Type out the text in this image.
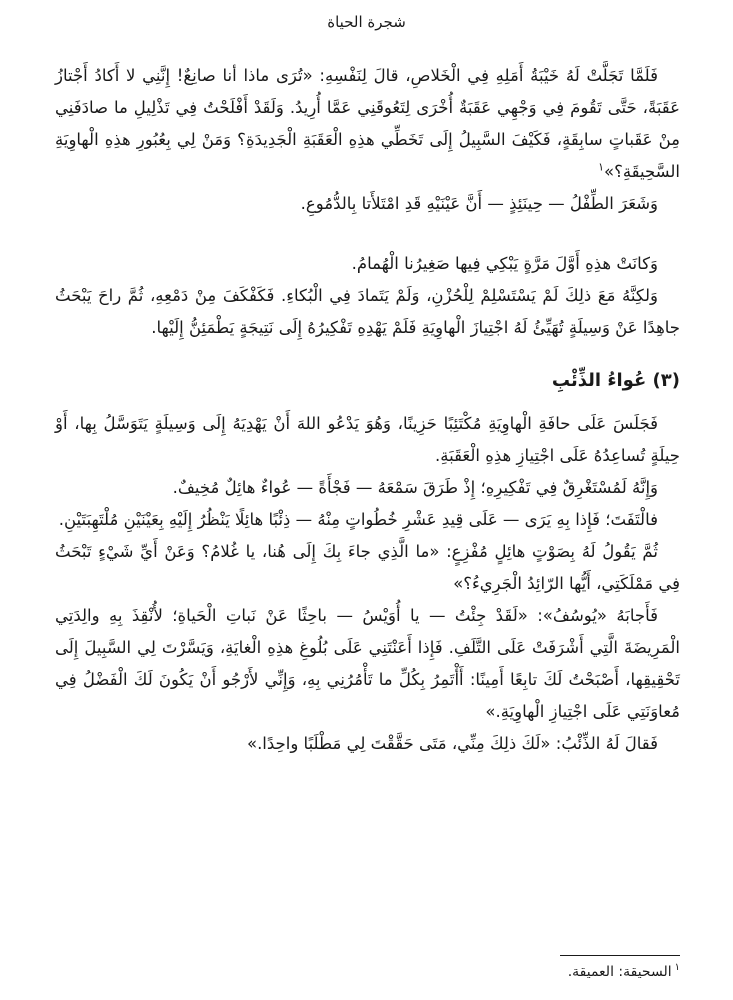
شجرة الحياة

فَلَمَّا تَجَلَّتْ لَهُ خَيْبَةُ أَمَلِهِ فِي الْخَلاصِ، قالَ لِنَفْسِهِ: «تُرَى ماذا أنا صانِعٌ! إِنَّنِي لا أَكادُ أَجْتازُ عَقَبَةً، حَتَّى تَقُومَ فِي وَجْهِي عَقَبَةٌ أُخْرَى لِتَعُوقَنِي عَمَّا أُرِيدُ. وَلَقَدْ أَفْلَحْتُ فِي تَذْلِيلِ ما صادَفَنِي مِنْ عَقَباتٍ سابِقَةٍ، فَكَيْفَ السَّبِيلُ إِلَى تَخَطِّي هذِهِ الْعَقَبَةِ الْجَدِيدَةِ؟ وَمَنْ لِي بِعُبُورِ هذِهِ الْهاوِيَةِ السَّحِيقَةِ؟»$^١$

وَشَعَرَ الطِّفْلُ — حِينَئِذٍ — أَنَّ عَيْنَيْهِ قَدِ امْتَلأَتا بِالدُّمُوعِ.

وَكانَتْ هذِهِ أَوَّلَ مَرَّةٍ يَبْكِي فِيها صَغِيرُنا الْهُمامُ.

وَلكِنَّهُ مَعَ ذلِكَ لَمْ يَسْتَسْلِمْ لِلْحُزْنِ، وَلَمْ يَتَمادَ فِي الْبُكاءِ. فَكَفْكَفَ مِنْ دَمْعِهِ، ثُمَّ راحَ يَبْحَثُ جاهِدًا عَنْ وَسِيلَةٍ تُهَيِّئُ لَهُ اجْتِيازَ الْهاوِيَةِ فَلَمْ يَهْدِهِ تَفْكِيرُهُ إِلَى نَتِيجَةٍ يَطْمَئِنُّ إِلَيْها.

(٣) عُواءُ الذِّئْبِ

فَجَلَسَ عَلَى حافَةِ الْهاوِيَةِ مُكْتَئِبًا حَزِينًا، وَهُوَ يَدْعُو اللهَ أَنْ يَهْدِيَهُ إِلَى وَسِيلَةٍ يَتَوَسَّلُ بِها، أَوْ حِيلَةٍ تُساعِدُهُ عَلَى اجْتِيازِ هذِهِ الْعَقَبَةِ.

وَإِنَّهُ لَمُسْتَغْرِقٌ فِي تَفْكِيرِهِ؛ إِذْ طَرَقَ سَمْعَهُ — فَجْأَةً — عُواءٌ هائِلٌ مُخِيفٌ.

فالْتَفَتَ؛ فَإِذا بِهِ يَرَى — عَلَى قِيدِ عَشْرِ خُطُواتٍ مِنْهُ — ذِئْبًا هائِلًا يَنْظُرُ إِلَيْهِ بِعَيْنَيْنِ مُلْتَهِبَتَيْنِ.

ثُمَّ يَقُولُ لَهُ بِصَوْتٍ هائِلٍ مُفْزِعٍ: «ما الَّذِي جاءَ بِكَ إِلَى هُنا، يا غُلامُ؟ وَعَنْ أَيِّ شَيْءٍ تَبْحَثُ فِي مَمْلَكَتِي، أَيُّها الرّائِدُ الْجَرِيءُ؟»

فَأَجابَهُ «يُوسُفُ»: «لَقَدْ جِئْتُ — يا أُوَيْسُ — باحِثًا عَنْ نَباتِ الْحَياةِ؛ لأُنْقِذَ بِهِ والِدَتِي الْمَرِيضَةَ الَّتِي أَشْرَفَتْ عَلَى التَّلَفِ. فَإِذا أَعَنْتَنِي عَلَى بُلُوغِ هذِهِ الْغايَةِ، وَيَسَّرْتَ لِي السَّبِيلَ إِلَى تَحْقِيقِها، أَصْبَحْتُ لَكَ تابِعًا أَمِينًا: أَأْتَمِرُ بِكُلِّ ما تَأْمُرُنِي بِهِ، وَإِنِّي لأَرْجُو أَنْ يَكُونَ لَكَ الْفَضْلُ فِي مُعاوَنَتِي عَلَى اجْتِيازِ الْهاوِيَةِ.»

فَقالَ لَهُ الذِّئْبُ: «لَكَ ذلِكَ مِنِّي، مَتَى حَقَّقْتَ لِي مَطْلَبًا واحِدًا.»

$^١$السحيقة: العميقة.
